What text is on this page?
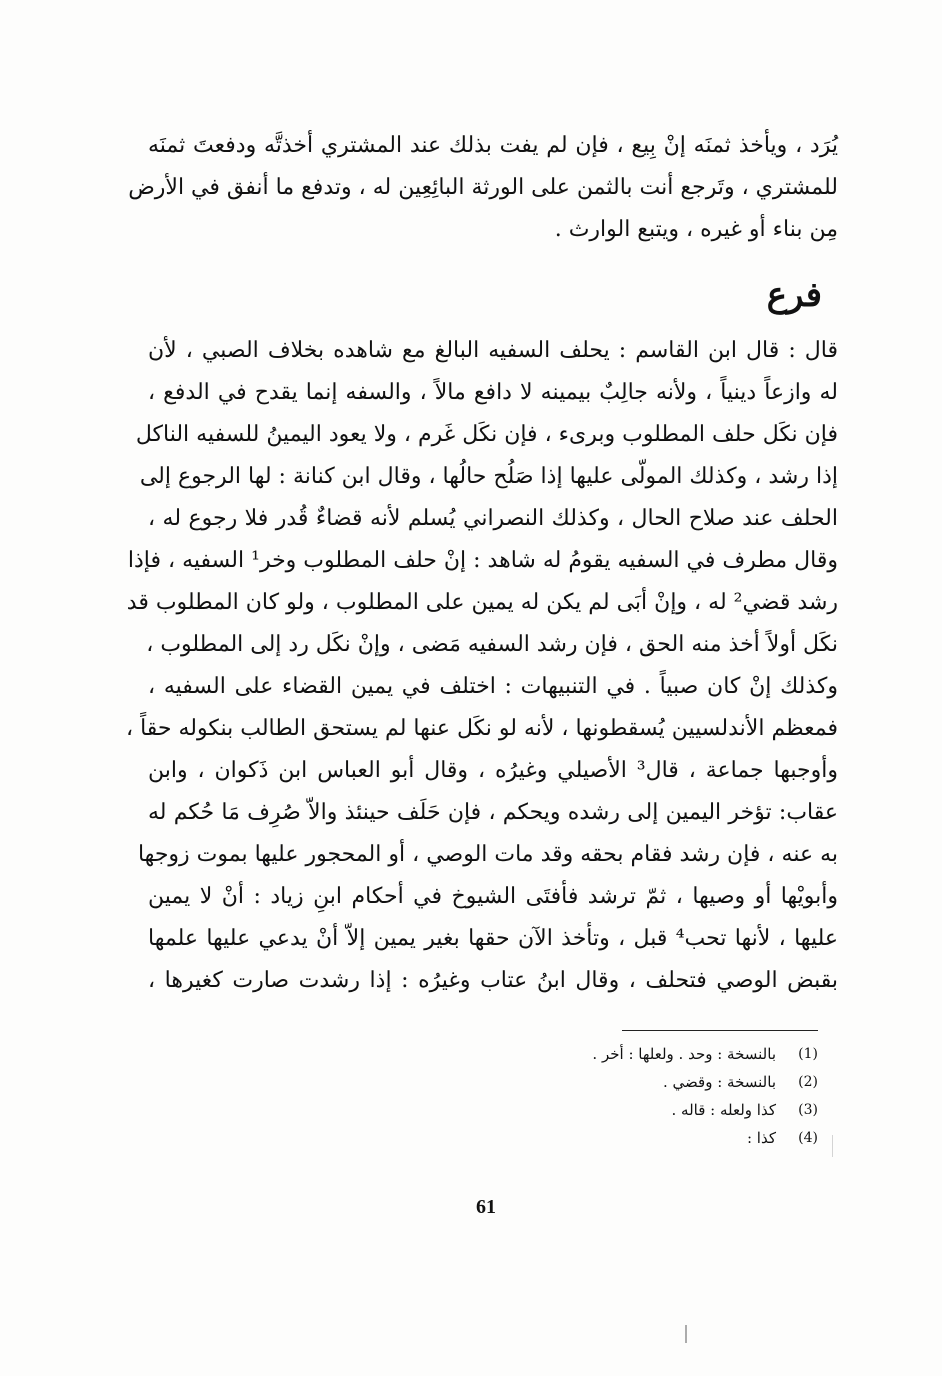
يُرَد ، ويأخذ ثمنَه إنْ بِيع ، فإن لم يفت بذلك عند المشتري أخذتَّه ودفعتَ ثمنَه
للمشتري ، وتَرجع أنت بالثمن على الورثة البائِعِين له ، وتدفع ما أنفق في الأرض
مِن بناء أو غيره ، ويتبع الوارث .
فرع
قال : قال ابن القاسم : يحلف السفيه البالغ مع شاهده بخلاف الصبي ، لأن
له وازعاً دينياً ، ولأنه جالِبٌ بيمينه لا دافع مالاً ، والسفه إنما يقدح في الدفع ،
فإن نكَل حلف المطلوب وبرىء ، فإن نكَل غَرم ، ولا يعود اليمينُ للسفيه الناكل
إذا رشد ، وكذلك المولّى عليها إذا صَلُح حالُها ، وقال ابن كنانة : لها الرجوع إلى
الحلف عند صلاح الحال ، وكذلك النصراني يُسلم لأنه قضاءٌ قُدر فلا رجوع له ،
وقال مطرف في السفيه يقومُ له شاهد : إنْ حلف المطلوب وخر¹ السفيه ، فإذا
رشد قضي² له ، وإنْ أبَى لم يكن له يمين على المطلوب ، ولو كان المطلوب قد
نكَل أولاً أخذ منه الحق ، فإن رشد السفيه مَضى ، وإنْ نكَل رد إلى المطلوب ،
وكذلك إنْ كان صبياً . في التنبيهات : اختلف في يمين القضاء على السفيه ،
فمعظم الأندلسيين يُسقطونها ، لأنه لو نكَل عنها لم يستحق الطالب بنكوله حقاً ،
وأوجبها جماعة ، قال³ الأصيلي وغيرُه ، وقال أبو العباس ابن ذَكوان ، وابن
عقاب: تؤخر اليمين إلى رشده ويحكم ، فإن حَلَف حينئذ والاّ صُرِف مَا حُكم له
به عنه ، فإن رشد فقام بحقه وقد مات الوصي ، أو المحجور عليها بموت زوجها
وأبويْها أو وصيها ، ثمّ ترشد فأفتَى الشيوخ في أحكام ابنِ زياد : أنْ لا يمين
عليها ، لأنها تحب⁴ قبل ، وتأخذ الآن حقها بغير يمين إلاّ أنْ يدعي عليها علمها
بقبض الوصي فتحلف ، وقال ابنُ عتاب وغيرُه : إذا رشدت صارت كغيرها ،
(1)
بالنسخة : وحد . ولعلها : أخر .
(2)
بالنسخة : وقضي .
(3)
كذا ولعله : قاله .
(4)
كذا :
61
